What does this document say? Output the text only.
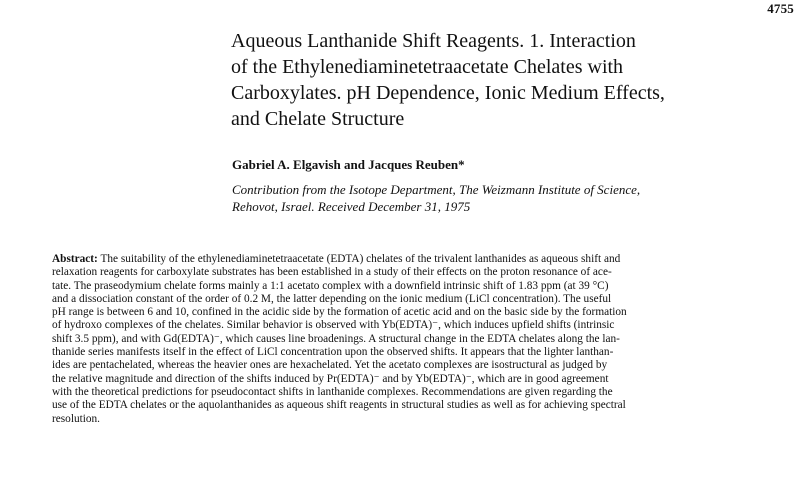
4755
Aqueous Lanthanide Shift Reagents. 1. Interaction
of the Ethylenediaminetetraacetate Chelates with
Carboxylates. pH Dependence, Ionic Medium Effects,
and Chelate Structure
Gabriel A. Elgavish and Jacques Reuben*
Contribution from the Isotope Department, The Weizmann Institute of Science,
Rehovot, Israel. Received December 31, 1975

Abstract: The suitability of the ethylenediaminetetraacetate (EDTA) chelates of the trivalent lanthanides as aqueous shift and
relaxation reagents for carboxylate substrates has been established in a study of their effects on the proton resonance of ace-
tate. The praseodymium chelate forms mainly a 1:1 acetato complex with a downfield intrinsic shift of 1.83 ppm (at 39 °C)
and a dissociation constant of the order of 0.2 M, the latter depending on the ionic medium (LiCl concentration). The useful
pH range is between 6 and 10, confined in the acidic side by the formation of acetic acid and on the basic side by the formation
of hydroxo complexes of the chelates. Similar behavior is observed with Yb(EDTA)⁻, which induces upfield shifts (intrinsic
shift 3.5 ppm), and with Gd(EDTA)⁻, which causes line broadenings. A structural change in the EDTA chelates along the lan-
thanide series manifests itself in the effect of LiCl concentration upon the observed shifts. It appears that the lighter lanthan-
ides are pentachelated, whereas the heavier ones are hexachelated. Yet the acetato complexes are isostructural as judged by
the relative magnitude and direction of the shifts induced by Pr(EDTA)⁻ and by Yb(EDTA)⁻, which are in good agreement
with the theoretical predictions for pseudocontact shifts in lanthanide complexes. Recommendations are given regarding the
use of the EDTA chelates or the aquolanthanides as aqueous shift reagents in structural studies as well as for achieving spectral
resolution.
